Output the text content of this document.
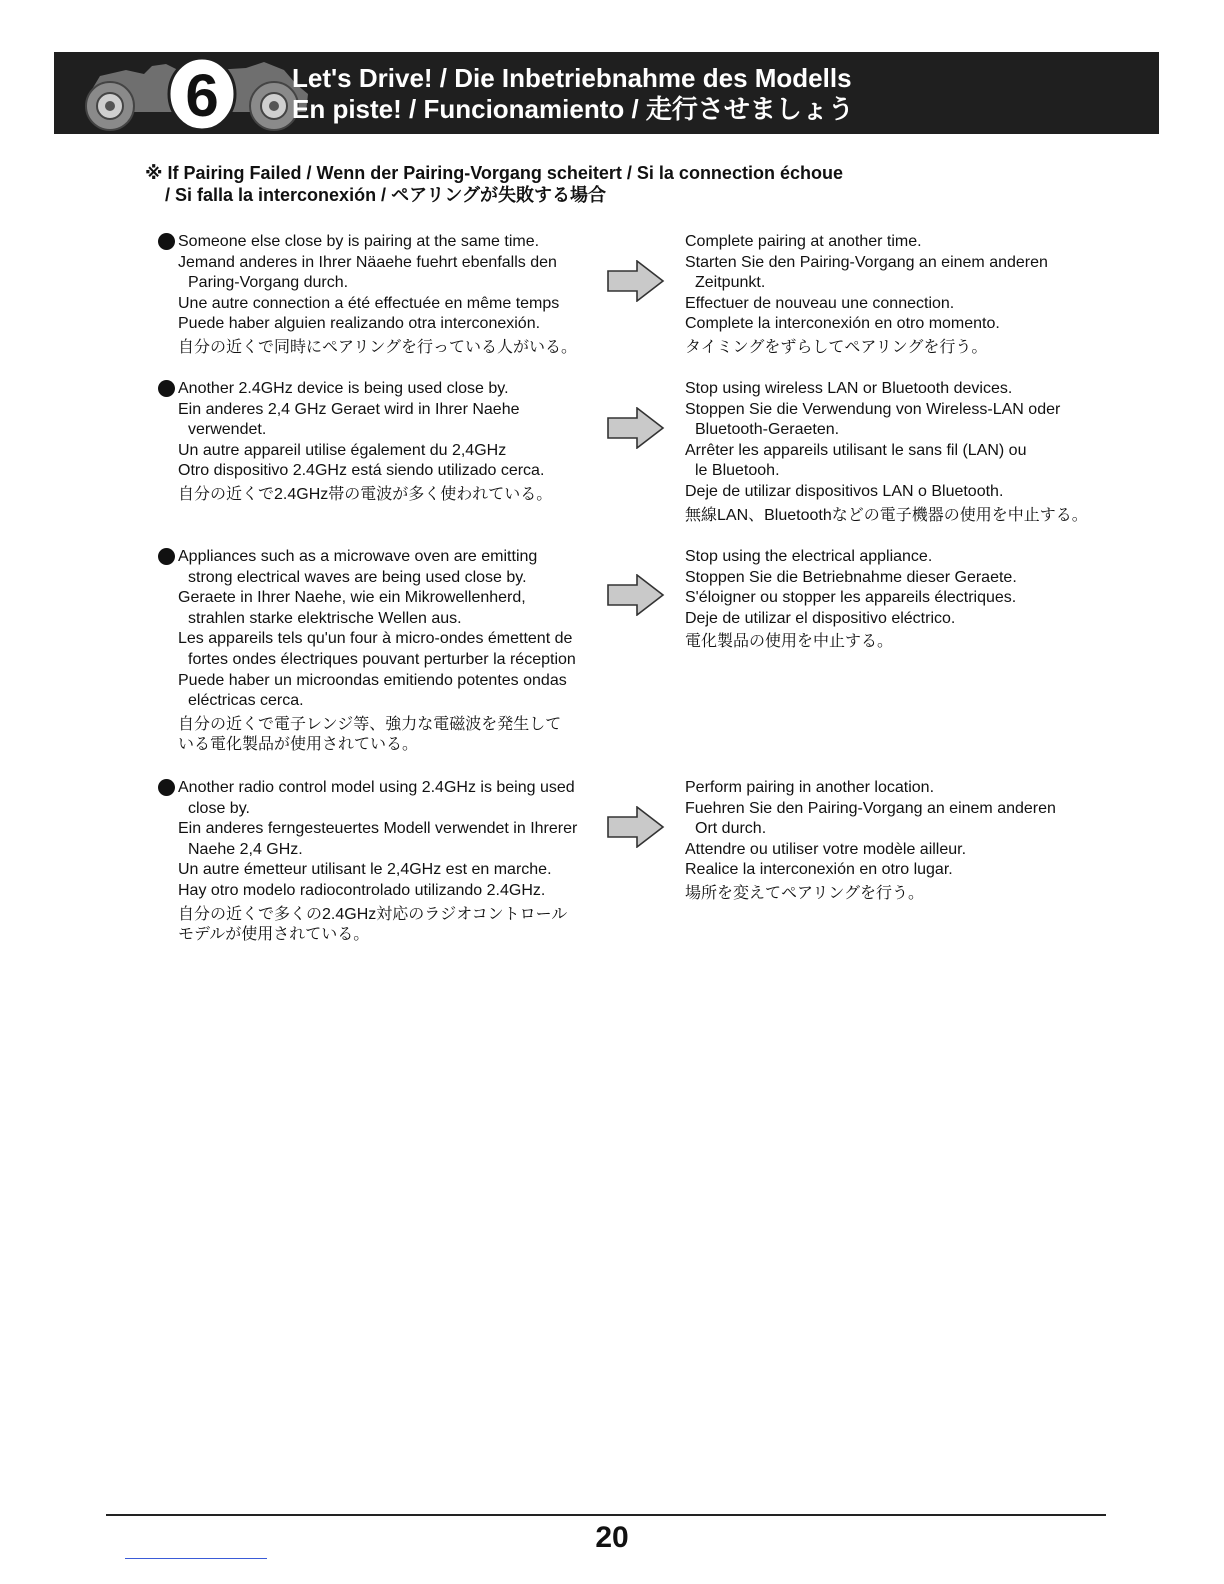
6	Let's Drive! / Die Inbetriebnahme des Modells
En piste! / Funcionamiento / 走行させましょう
※ If Pairing Failed / Wenn der Pairing-Vorgang scheitert / Si la connection échoue
/ Si falla la interconexión / ペアリングが失敗する場合
Someone else close by is pairing at the same time.
Jemand anderes in Ihrer Näaehe fuehrt ebenfalls den
Paring-Vorgang durch.
Une autre connection a été effectuée en même temps
Puede haber alguien realizando otra interconexión.
自分の近くで同時にペアリングを行っている人がいる。
Complete pairing at another time.
Starten Sie den Pairing-Vorgang an einem anderen
Zeitpunkt.
Effectuer de nouveau une connection.
Complete la interconexión en otro momento.
タイミングをずらしてペアリングを行う。
Another 2.4GHz device is being used close by.
Ein anderes 2,4 GHz Geraet wird in Ihrer Naehe
verwendet.
Un autre appareil utilise également du 2,4GHz
Otro dispositivo 2.4GHz está siendo utilizado cerca.
自分の近くで2.4GHz帯の電波が多く使われている。
Stop using wireless LAN or Bluetooth devices.
Stoppen Sie die Verwendung von Wireless-LAN oder
Bluetooth-Geraeten.
Arrêter les appareils utilisant le sans fil (LAN) ou
le Bluetooh.
Deje de utilizar dispositivos LAN o Bluetooth.
無線LAN、Bluetoothなどの電子機器の使用を中止する。
Appliances such as a microwave oven are emitting
strong electrical waves are being used close by.
Geraete in Ihrer Naehe, wie ein Mikrowellenherd,
strahlen starke elektrische Wellen aus.
Les appareils tels qu'un four à micro-ondes émettent de
fortes ondes électriques pouvant perturber la réception
Puede haber un microondas emitiendo potentes ondas
eléctricas cerca.
自分の近くで電子レンジ等、強力な電磁波を発生して
いる電化製品が使用されている。
Stop using the electrical appliance.
Stoppen Sie die Betriebnahme dieser Geraete.
S'éloigner ou stopper les appareils électriques.
Deje de utilizar el dispositivo eléctrico.
電化製品の使用を中止する。
Another radio control model using 2.4GHz is being used
close by.
Ein anderes ferngesteuertes Modell verwendet in Ihrerer
Naehe 2,4 GHz.
Un autre émetteur utilisant le 2,4GHz est en marche.
Hay otro modelo radiocontrolado utilizando 2.4GHz.
自分の近くで多くの2.4GHz対応のラジオコントロール
モデルが使用されている。
Perform pairing in another location.
Fuehren Sie den Pairing-Vorgang an einem anderen
Ort durch.
Attendre ou utiliser votre modèle ailleur.
Realice la interconexión en otro lugar.
場所を変えてペアリングを行う。
20
